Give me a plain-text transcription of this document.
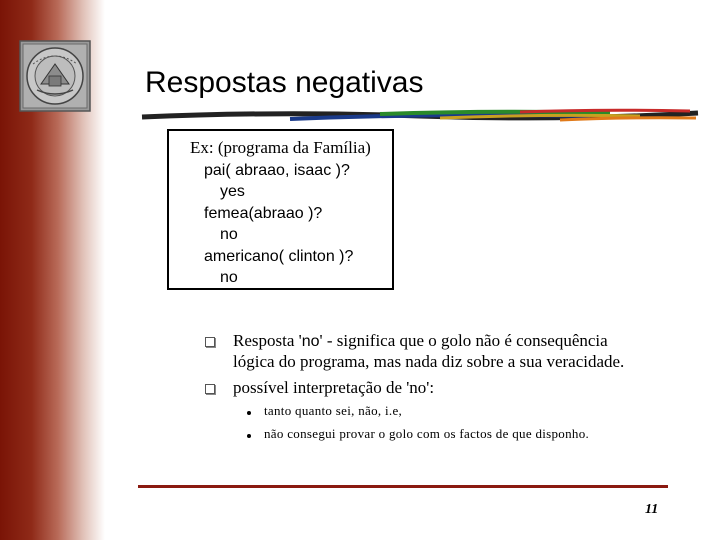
Respostas negativas
Ex: (programa da Família)
pai( abraao, isaac )?
yes
femea(abraao )?
no
americano( clinton )?
no
Resposta 'no' - significa que o golo não é consequência
lógica do programa, mas nada diz sobre a sua veracidade.
possível interpretação de 'no':
tanto quanto sei, não, i.e,
não consegui provar o golo com os factos de que disponho.
11
